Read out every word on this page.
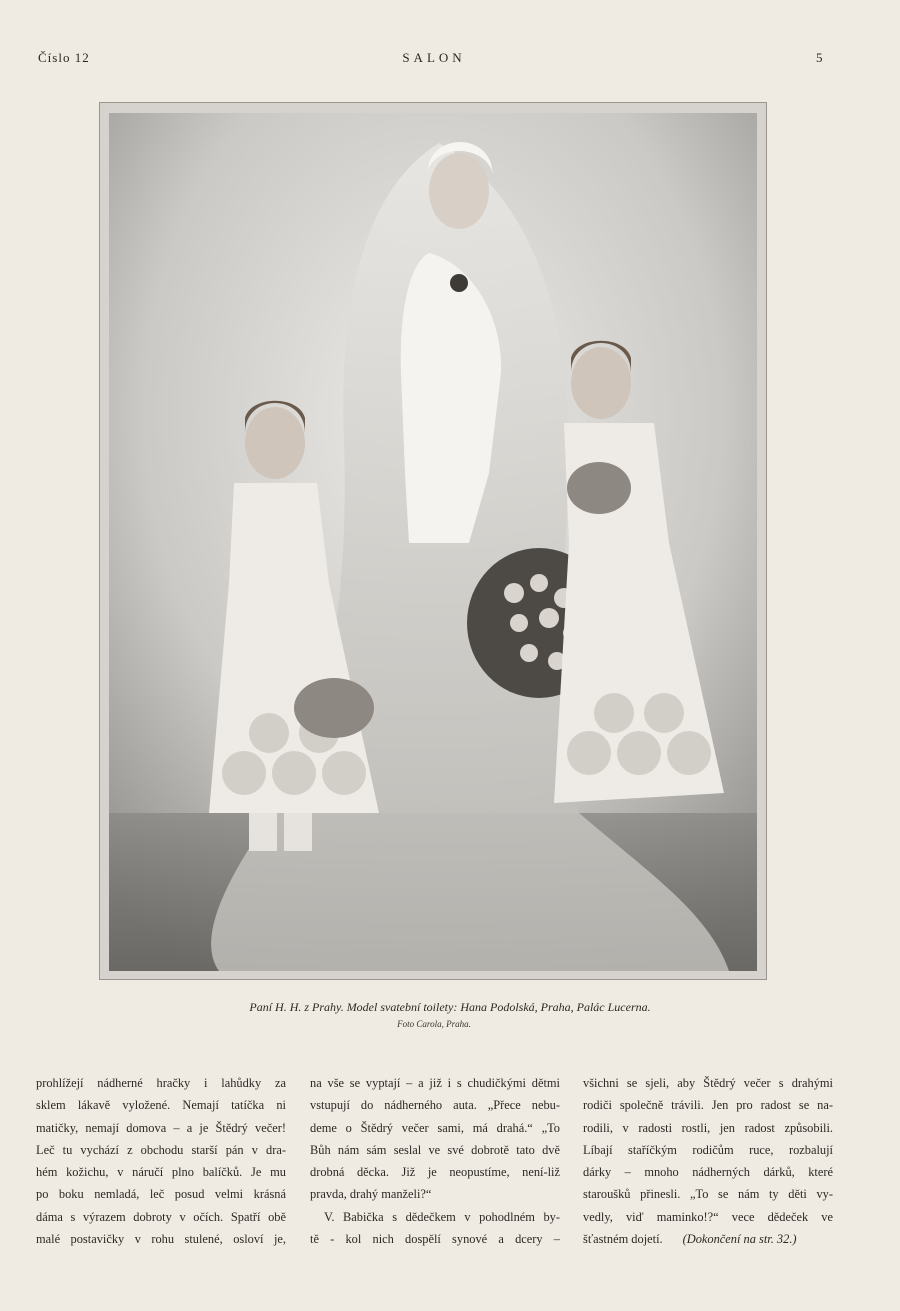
Číslo 12	SALON	5
Paní H. H. z Prahy. Model svatební toilety: Hana Podolská, Praha, Palác Lucerna.
Foto Carola, Praha.

prohlížejí nádherné hračky i lahůdky za
sklem lákavě vyložené. Nemají tatíčka ni
matičky, nemají domova – a je Štědrý večer!
Leč tu vychází z obchodu starší pán v dra-
hém kožichu, v náručí plno balíčků. Je mu
po boku nemladá, leč posud velmi krásná
dáma s výrazem dobroty v očích. Spatří obě
malé postavičky v rohu stulené, osloví je,

na vše se vyptají – a již i s chudičkými dětmi
vstupují do nádherného auta. „Přece nebu-
deme o Štědrý večer sami, má drahá.“ „To
Bůh nám sám seslal ve své dobrotě tato dvě
drobná děcka. Již je neopustíme, není-liž
pravda, drahý manželi?“
V. Babička s dědečkem v pohodlném by-
tě - kol nich dospělí synové a dcery –

všichni se sjeli, aby Štědrý večer s drahými
rodiči společně trávili. Jen pro radost se na-
rodili, v radosti rostli, jen radost způsobili.
Líbají staříčkým rodičům ruce, rozbalují
dárky – mnoho nádherných dárků, které
staroušků přinesli. „To se nám ty děti vy-
vedly, viď maminko!?“ vece dědeček ve
šťastném dojetí. (Dokončení na str. 32.)
